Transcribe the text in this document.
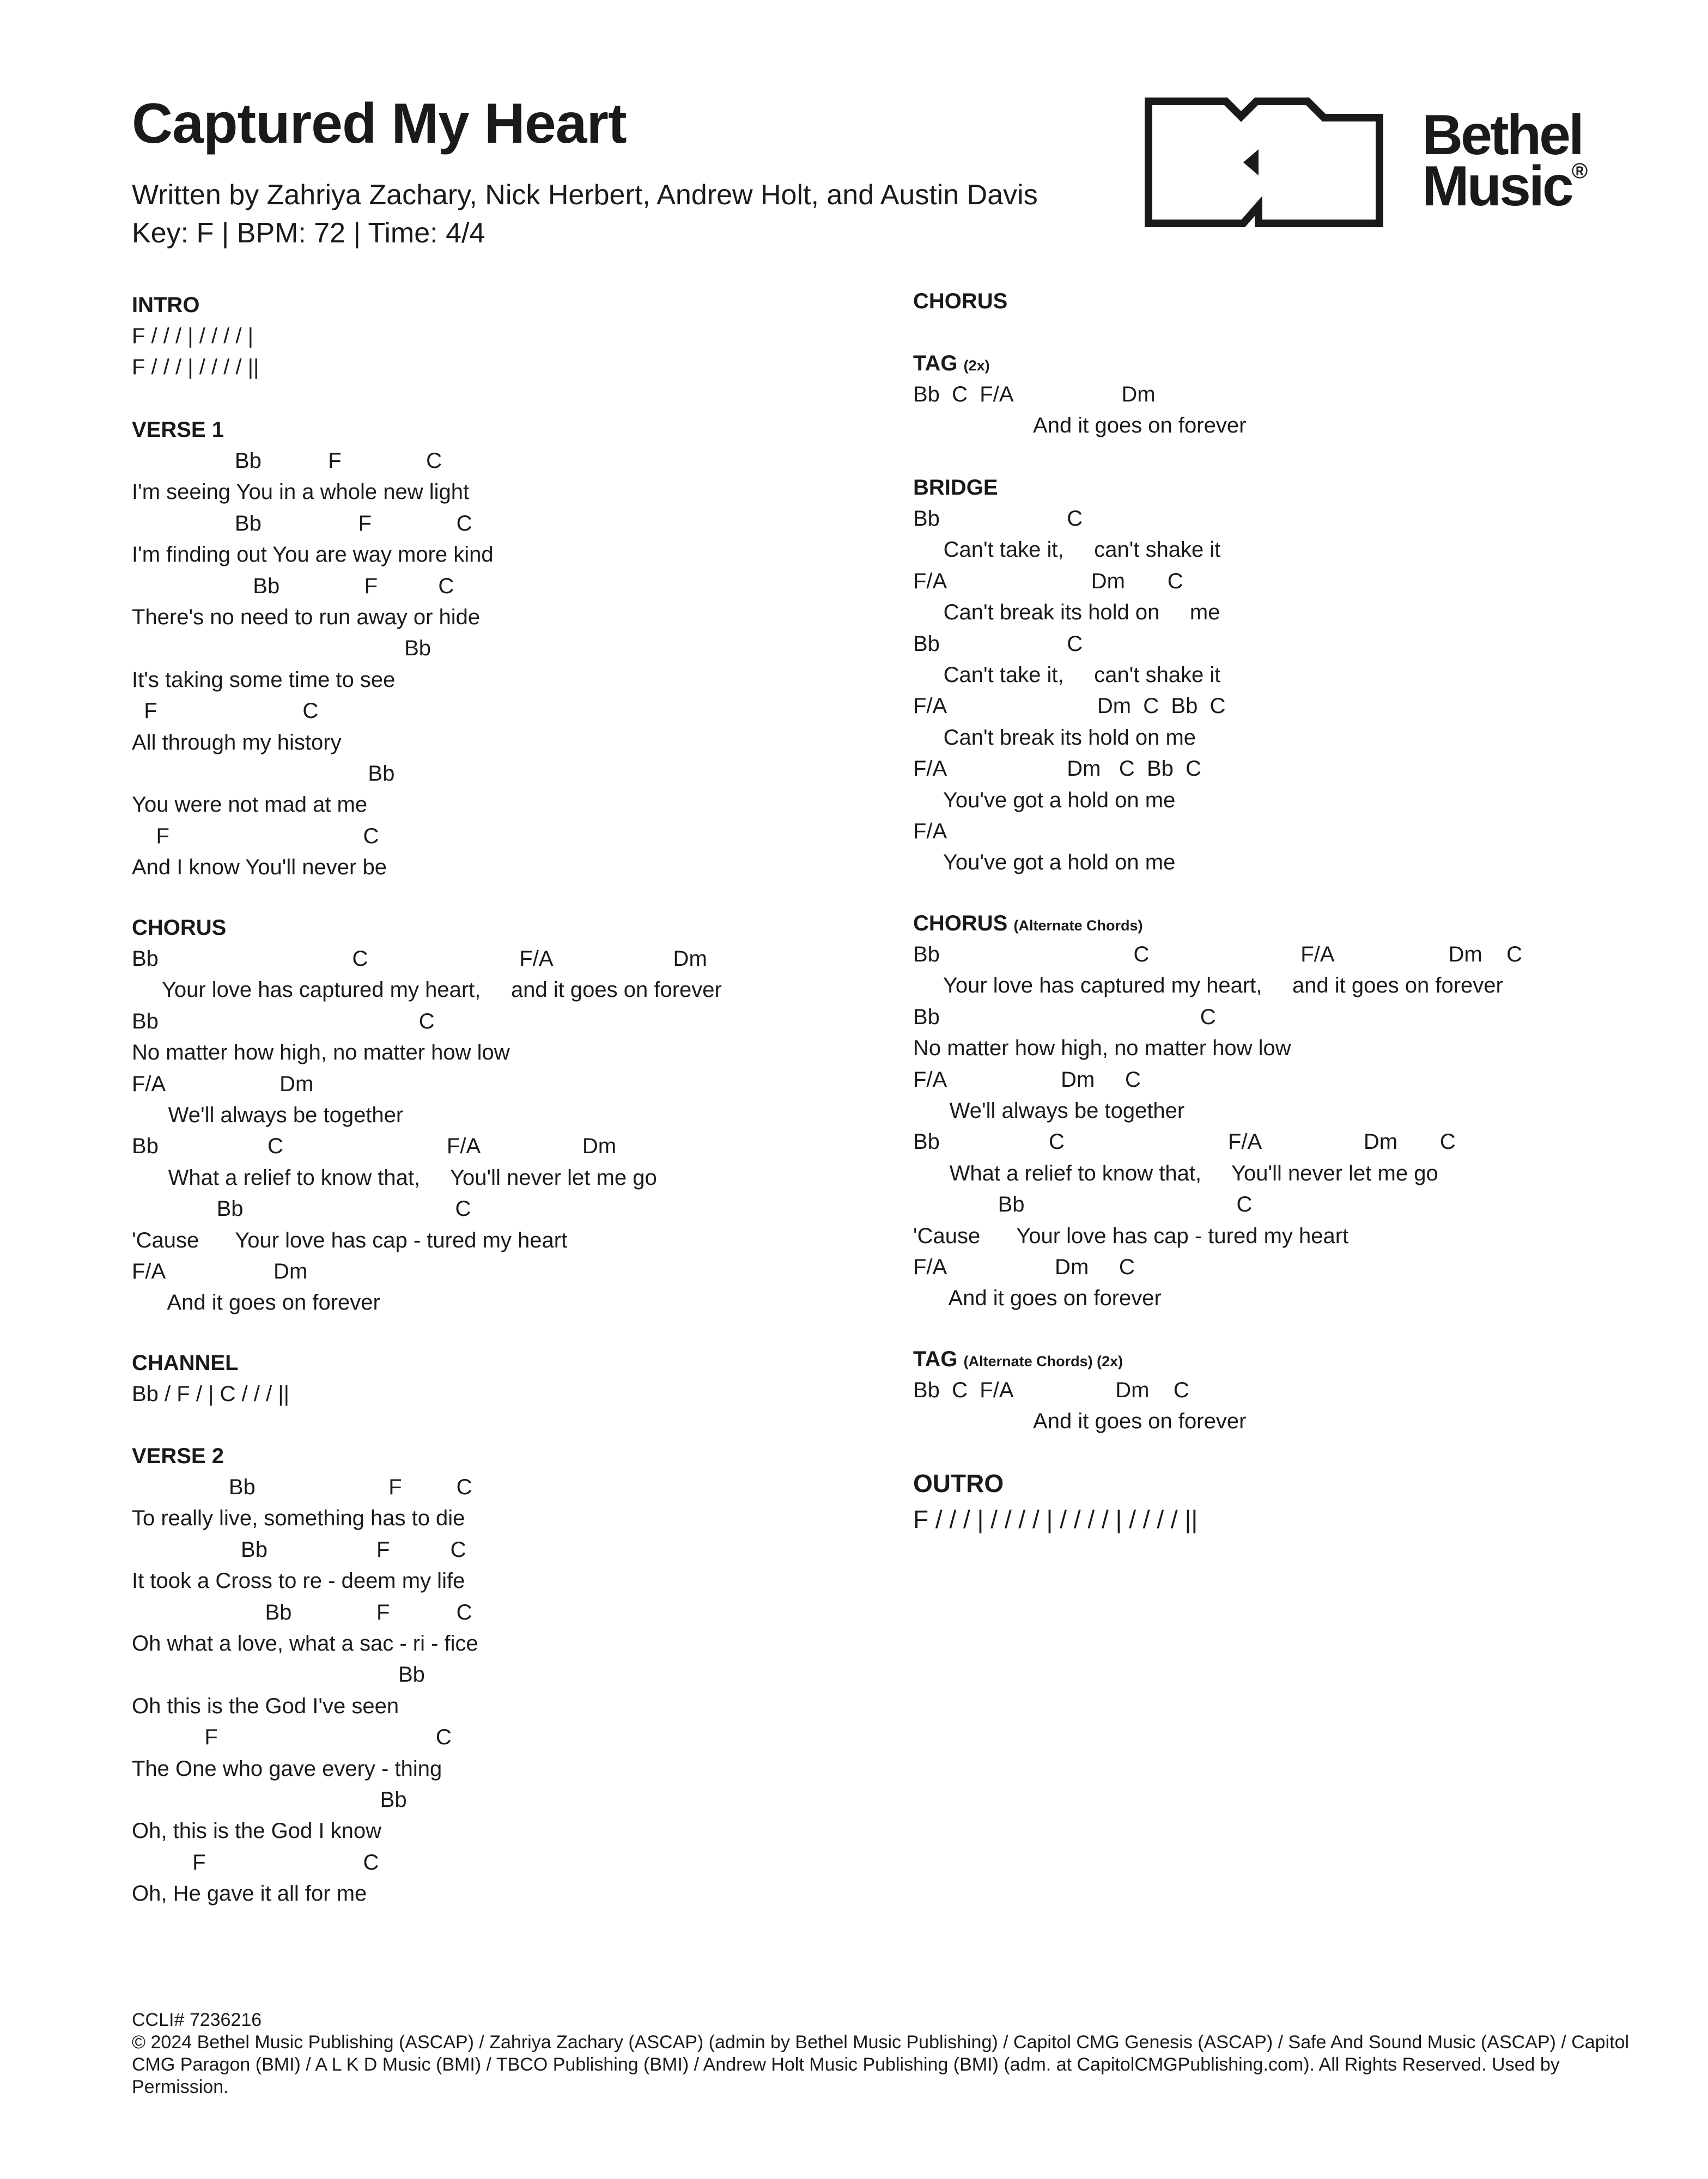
Captured My Heart
Written by Zahriya Zachary, Nick Herbert, Andrew Holt, and Austin Davis
Key: F | BPM: 72 | Time: 4/4
Bethel
Music®
INTRO
F / / / | / / / / |
F / / / | / / / / ||
VERSE 1
Bb           F              C
I'm seeing You in a whole new light
Bb                F              C
I'm finding out You are way more kind
Bb              F          C
There's no need to run away or hide
Bb
It's taking some time to see
F                        C
All through my history
Bb
You were not mad at me
F                                C
And I know You'll never be
CHORUS
Bb                                C                         F/A                    Dm
Your love has captured my heart,     and it goes on forever
Bb                                           C
No matter how high, no matter how low
F/A                   Dm
We'll always be together
Bb                  C                           F/A                 Dm
What a relief to know that,     You'll never let me go
Bb                                   C
'Cause      Your love has cap - tured my heart
F/A                  Dm
And it goes on forever
CHANNEL
Bb / F / | C / / / ||
VERSE 2
Bb                      F         C
To really live, something has to die
Bb                  F          C
It took a Cross to re - deem my life
Bb              F           C
Oh what a love, what a sac - ri - fice
Bb
Oh this is the God I've seen
F                                    C
The One who gave every - thing
Bb
Oh, this is the God I know
F                          C
Oh, He gave it all for me
CHORUS
TAG (2x)
Bb  C  F/A                  Dm
And it goes on forever
BRIDGE
Bb                     C
Can't take it,     can't shake it
F/A                        Dm       C
Can't break its hold on     me
Bb                     C
Can't take it,     can't shake it
F/A                         Dm  C  Bb  C
Can't break its hold on me
F/A                    Dm   C  Bb  C
You've got a hold on me
F/A
You've got a hold on me
CHORUS (Alternate Chords)
Bb                                C                         F/A                   Dm    C
Your love has captured my heart,     and it goes on forever
Bb                                           C
No matter how high, no matter how low
F/A                   Dm     C
We'll always be together
Bb                  C                           F/A                 Dm       C
What a relief to know that,     You'll never let me go
Bb                                   C
'Cause      Your love has cap - tured my heart
F/A                  Dm     C
And it goes on forever
TAG (Alternate Chords) (2x)
Bb  C  F/A                 Dm    C
And it goes on forever
OUTRO
F / / / | / / / / | / / / / | / / / / ||
CCLI# 7236216
© 2024 Bethel Music Publishing (ASCAP) / Zahriya Zachary (ASCAP) (admin by Bethel Music Publishing) / Capitol CMG Genesis (ASCAP) / Safe And Sound Music (ASCAP) / Capitol CMG Paragon (BMI) / A L K D Music (BMI) / TBCO Publishing (BMI) / Andrew Holt Music Publishing (BMI) (adm. at CapitolCMGPublishing.com). All Rights Reserved. Used by Permission.
